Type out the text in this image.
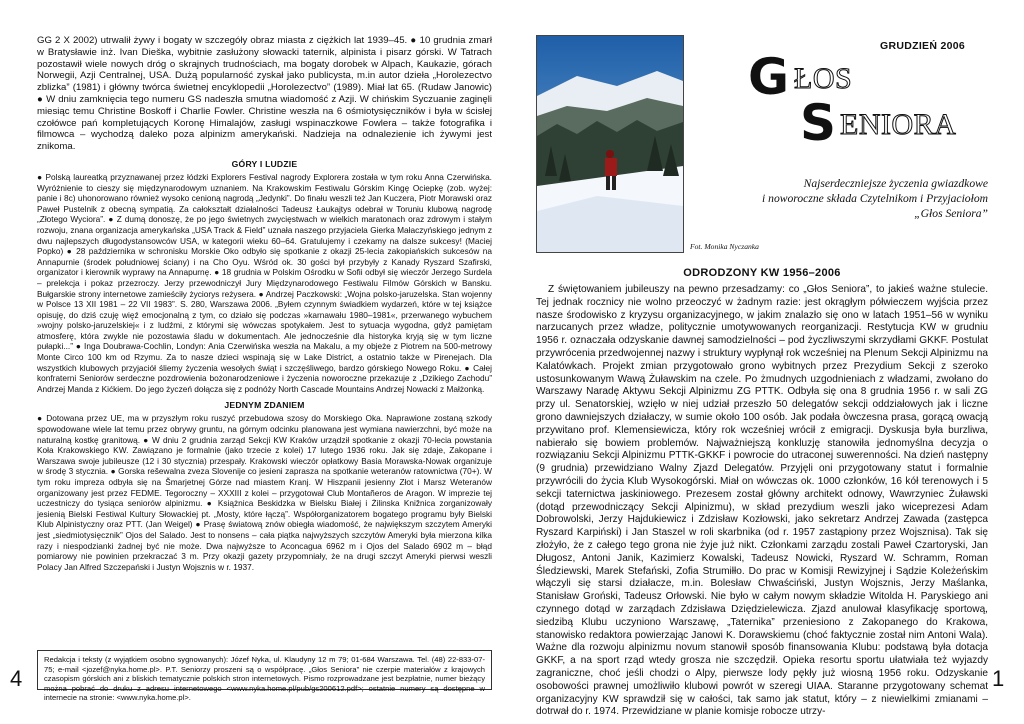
GG 2 X 2002) utrwalił żywy i bogaty w szczegóły obraz miasta z ciężkich lat 1939–45. ● 10 grudnia zmarł w Bratysławie inż. Ivan Dieška, wybitnie zasłużony słowacki taternik, alpinista i pisarz górski. W Tatrach pozostawił wiele nowych dróg o skrajnych trudnościach, ma bogaty dorobek w Alpach, Kaukazie, górach Norwegii, Azji Centralnej, USA. Dużą popularność zyskał jako publicysta, m.in autor dzieła „Horolezectvo zblizka” (1981) i główny twórca świetnej encyklopedii „Horolezectvo” (1989). Miał lat 65. (Rudaw Janowic) ● W dniu zamknięcia tego numeru GS nadeszła smutna wiadomość z Azji. W chińskim Syczuanie zaginęli miesiąc temu Christine Boskoff i Charlie Fowler. Christine weszła na 6 ośmiotysięczników i była w ścisłej czołówce pań kompletujących Koronę Himalajów, zasługi wspinaczkowe Fowlera – także fotografika i filmowca – wychodzą daleko poza alpinizm amerykański. Nadzieja na odnalezienie ich żywymi jest znikoma.

GÓRY I LUDZIE

● Polską laureatką przyznawanej przez łódzki Explorers Festival nagrody Explorera została w tym roku Anna Czerwińska. Wyróżnienie to cieszy się międzynarodowym uznaniem. Na Krakowskim Festiwalu Górskim Kingę Ociepkę (zob. wyżej: panie i 8c) uhonorowano również wysoko cenioną nagrodą „Jedynki”. Do finału weszli też Jan Kuczera, Piotr Morawski oraz Paweł Pustelnik z obecną sympatią. Za całokształt działalności Tadeusz Łaukajtys odebrał w Toruniu klubową nagrodę „Złotego Wyciora”. ● Z dumą donoszę, że po jego świetnych zwycięstwach w wielkich maratonach oraz zdrowym i stałym rozwoju, znana organizacja amerykańska „USA Track & Field” uznała naszego przyjaciela Gierka Małaczyńskiego jednym z dwu najlepszych długodystansowców USA, w kategorii wieku 60–64. Gratulujemy i czekamy na dalsze sukcesy! (Maciej Popko) ● 28 października w schronisku Morskie Oko odbyło się spotkanie z okazji 25-lecia zakopiańskich sukcesów na Annapurnie (środek południowej ściany) i na Cho Oyu. Wśród ok. 30 gości był przybyły z Kanady Ryszard Szafirski, organizator i kierownik wyprawy na Annapurnę. ● 18 grudnia w Polskim Ośrodku w Sofii odbył się wieczór Jerzego Surdela – prelekcja i pokaz przezroczy. Jerzy przewodniczył Jury Międzynarodowego Festiwalu Filmów Górskich w Bansku. Bułgarskie strony internetowe zamieściły życiorys reżysera. ● Andrzej Paczkowski: „Wojna polsko-jaruzelska. Stan wojenny w Polsce 13 XII 1981 – 22 VII 1983”. S. 280, Warszawa 2006. „Byłem czynnym świadkiem wydarzeń, które w tej książce opisuję, do dziś czuję więź emocjonalną z tym, co działo się podczas »karnawału 1980–1981«, przerwanego wybuchem »wojny polsko-jaruzelskiej« i z ludźmi, z którymi się wówczas spotykałem. Jest to sytuacja wygodna, gdyż pamiętam atmosferę, która zwykle nie pozostawia śladu w dokumentach. Ale jednocześnie dla historyka kryją się w tym liczne pułapki...” ● Inga Doubrawa-Cochlin, Londyn: Ania Czerwińska weszła na Makalu, a my objeże z Piotrem na 500-metrowy Monte Circo 100 km od Rzymu. Za to nasze dzieci wspinają się w Lake District, a ostatnio także w Pirenejach. Dla wszystkich klubowych przyjaciół śliemy życzenia wesołych świąt i szczęśliwego, bardzo górskiego Nowego Roku. ● Całej konfraterni Seniorów serdeczne pozdrowienia bożonarodzeniowe i życzenia noworoczne przekazuje z „Dzikiego Zachodu” Andrzej Manda z Kićkiem. Do jego życzeń dołącza się z podnóży North Cascade Mountains Andrzej Nowacki z Małżonką.

JEDNYM ZDANIEM

● Dotowana przez UE, ma w przyszłym roku ruszyć przebudowa szosy do Morskiego Oka. Naprawione zostaną szkody spowodowane wiele lat temu przez obrywy gruntu, na górnym odcinku planowana jest wymiana nawierzchni, być może na naturalną kostkę granitową. ● W dniu 2 grudnia zarząd Sekcji KW Kraków urządził spotkanie z okazji 70-lecia powstania Koła Krakowskiego KW. Zawiązano je formalnie (jako trzecie z kolei) 17 lutego 1936 roku. Jak się zdaje, Zakopane i Warszawa swoje jubileusze (12 i 30 stycznia) przespały. Krakowski wieczór opłatkowy Basia Morawska-Nowak organizuje w środę 3 stycznia. ● Gorska rešewalna zveza Slovenije co jesieni zaprasza na spotkanie weteranów ratownictwa (70+). W tym roku impreza odbyła się na Šmarjetnej Górze nad miastem Kranj. W Hiszpanii jesienny Złot i Marsz Weteranów organizowany jest przez FEDME. Tegoroczny – XXXIII z kolei – przygotował Club Montañeros de Aragon. W imprezie tej uczestniczy do tysiąca seniorów alpinizmu. ● Książnica Beskidzka w Bielsku Białej i Żilinska Knižnica zorganizowały jesienią Bielski Festiwal Kultury Słowackiej pt. „Mosty, które łączą”. Współorganizatorem bogatego programu były Bielski Klub Alpinistyczny oraz PTT. (Jan Weigel) ● Prasę światową znów obiegła wiadomość, że największym szczytem Ameryki jest „siedmiotysięcznik” Ojos del Salado. Jest to nonsens – cała piątka najwyższych szczytów Ameryki była mierzona kilka razy i niespodzianki żadnej być nie może. Dwa najwyższe to Aconcagua 6962 m i Ojos del Salado 6902 m – błąd pomiarowy nie powinien przekraczać 3 m. Przy okazji gazety przypomniały, że na drugi szczyt Ameryki pierwsi weszli Polacy Jan Alfred Szczepański i Justyn Wojsznis w r. 1937.

Redakcja i teksty (z wyjątkiem osobno sygnowanych): Józef Nyka, ul. Klaudyny 12 m 79; 01-684 Warszawa. Tel. (48) 22-833-07-75; e-mail <jozef@nyka.home.pl>. P.T. Seniorzy proszeni są o współpracę. „Głos Seniora” nie czerpie materiałów z krajowych czasopism górskich ani z bliskich tematycznie polskich stron internetowych. Pismo rozprowadzane jest bezpłatnie, numer bieżący można pobrać do druku z adresu internetowego <www.nyka.home.pl/pub/gs200612.pdf>; ostatnie numery są dostępne w internecie na stronie: <www.nyka.home.pl>.
4
Fot. Monika Nyczanka
GRUDZIEŃ 2006
G ŁOS
S ENIORA
Najserdeczniejsze życzenia gwiazdkowe
i noworoczne składa Czytelnikom i Przyjaciołom
„Głos Seniora”
ODRODZONY KW 1956–2006

Z świętowaniem jubileuszy na pewno przesadzamy: co „Głos Seniora”, to jakieś ważne stulecie. Tej jednak rocznicy nie wolno przeoczyć w żadnym razie: jest okrągłym półwieczem wyjścia przez nasze środowisko z kryzysu organizacyjnego, w jakim znalazło się ono w latach 1951–56 w wyniku narzucanych przez władze, politycznie umotywowanych reorganizacji. Restytucja KW w grudniu 1956 r. oznaczała odzyskanie dawnej samodzielności – pod życzliwszymi skrzydłami GKKF. Postulat przywrócenia przedwojennej nazwy i struktury wypłynął rok wcześniej na Plenum Sekcji Alpinizmu na Kalatówkach. Projekt zmian przygotowało grono wybitnych przez Prezydium Sekcji z szeroko ustosunkowanym Wawą Żuławskim na czele. Po żmudnych uzgodnieniach z władzami, zwołano do Warszawy Naradę Aktywu Sekcji Alpinizmu ZG PTTK. Odbyła się ona 8 grudnia 1956 r. w sali ZG przy ul. Senatorskiej, wzięło w niej udział przeszło 50 delegatów sekcji oddziałowych jak i liczne grono dawniejszych działaczy, w sumie około 100 osób. Jak podała òwczesna prasa, gorącą owacją przywitano prof. Klemensiewicza, który rok wcześniej wrócił z emigracji. Dyskusja była burzliwa, nabierało się bowiem problemów. Najważniejszą konkluzję stanowiła jednomyślna decyzja o rozwiązaniu Sekcji Alpinizmu PTTK-GKKF i powrocie do utraconej suwerenności. Na dzień następny (9 grudnia) przewidziano Walny Zjazd Delegatów. Przyjęli oni przygotowany statut i formalnie przywrócili do życia Klub Wysokogórski. Miał on wówczas ok. 1000 członków, 16 kół terenowych i 5 sekcji taternictwa jaskiniowego. Prezesem został główny architekt odnowy, Wawrzyniec Żuławski (dotąd przewodniczący Sekcji Alpinizmu), w skład prezydium weszli jako wiceprezesi Adam Dobrowolski, Jerzy Hajdukiewicz i Zdzisław Kozłowski, jako sekretarz Andrzej Zawada (zastępca Ryszard Karpiński) i Jan Staszel w roli skarbnika (od r. 1957 zastąpiony przez Wojsznisa). Tak się złożyło, że z całego tego grona nie żyje już nikt. Członkami zarządu zostali Paweł Czartoryski, Jan Długosz, Antoni Janik, Kazimierz Kowalski, Tadeusz Nowicki, Ryszard W. Schramm, Roman Śledziewski, Marek Stefański, Zofia Strumiłło. Do prac w Komisji Rewizyjnej i Sądzie Koleżeńskim włączyli się starsi działacze, m.in. Bolesław Chwaściński, Justyn Wojsznis, Jerzy Maślanka, Stanisław Groński, Tadeusz Orłowski. Nie było w całym nowym składzie Witolda H. Paryskiego ani czynnego dotąd w zarządach Zdzisława Dziędzielewicza. Zjazd anulował klasyfikację sportową, siedzibą Klubu uczyniono Warszawę, „Taternika” przeniesiono z Zakopanego do Krakowa, stanowisko redaktora powierzając Janowi K. Dorawskiemu (choć faktycznie został nim Antoni Wala). Ważne dla rozwoju alpinizmu novum stanowił sposób finansowania Klubu: podstawą była dotacja GKKF, a na sport rząd wtedy grosza nie szczędził. Opieka resortu sportu ułatwiała też wyjazdy zagraniczne, choć jeśli chodzi o Alpy, pierwsze lody pękły już wiosną 1956 roku. Odzyskanie osobowości prawnej umożliwiło klubowi powrót w szeregi UIAA. Staranne przygotowany schemat organizacyjny KW sprawdził się w całości, tak samo jak statut, który – z niewielkimi zmianami – dotrwał do r. 1974. Przewidziane w planie komisje robocze utrzy-

1
